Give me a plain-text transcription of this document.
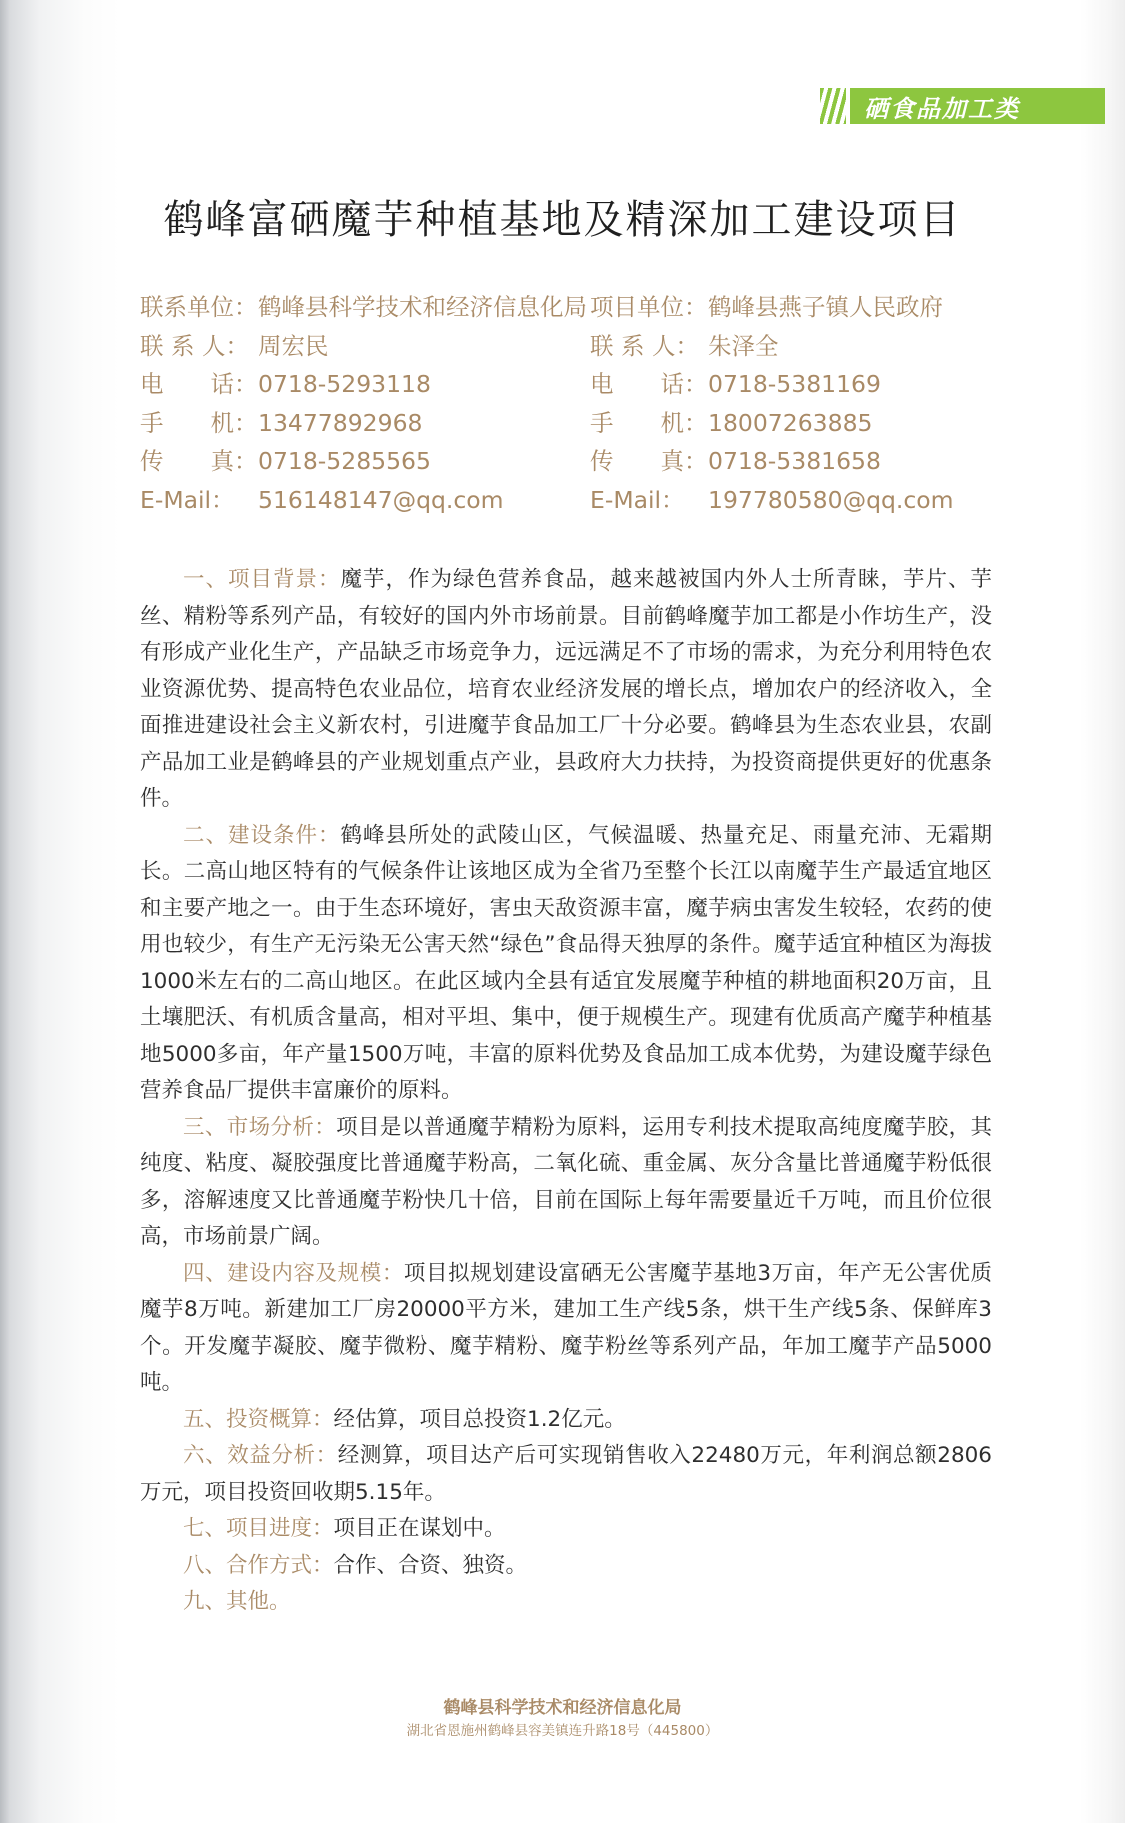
硒食品加工类
鹤峰富硒魔芋种植基地及精深加工建设项目
联系单位：鹤峰县科学技术和经济信息化局
联 系 人： 周宏民
电　　话：0718-5293118
手　　机：13477892968
传　　真：0718-5285565
E-Mail： 516148147@qq.com
项目单位：鹤峰县燕子镇人民政府
联 系 人： 朱泽全
电　　话：0718-5381169
手　　机：18007263885
传　　真：0718-5381658
E-Mail： 197780580@qq.com

一、项目背景：魔芋，作为绿色营养食品，越来越被国内外人士所青睐，芋片、芋丝、精粉等系列产品，有较好的国内外市场前景。目前鹤峰魔芋加工都是小作坊生产，没有形成产业化生产，产品缺乏市场竞争力，远远满足不了市场的需求，为充分利用特色农业资源优势、提高特色农业品位，培育农业经济发展的增长点，增加农户的经济收入，全面推进建设社会主义新农村，引进魔芋食品加工厂十分必要。鹤峰县为生态农业县，农副产品加工业是鹤峰县的产业规划重点产业，县政府大力扶持，为投资商提供更好的优惠条件。

二、建设条件：鹤峰县所处的武陵山区，气候温暖、热量充足、雨量充沛、无霜期长。二高山地区特有的气候条件让该地区成为全省乃至整个长江以南魔芋生产最适宜地区和主要产地之一。由于生态环境好，害虫天敌资源丰富，魔芋病虫害发生较轻，农药的使用也较少，有生产无污染无公害天然“绿色”食品得天独厚的条件。魔芋适宜种植区为海拔1000米左右的二高山地区。在此区域内全县有适宜发展魔芋种植的耕地面积20万亩，且土壤肥沃、有机质含量高，相对平坦、集中，便于规模生产。现建有优质高产魔芋种植基地5000多亩，年产量1500万吨，丰富的原料优势及食品加工成本优势，为建设魔芋绿色营养食品厂提供丰富廉价的原料。

三、市场分析：项目是以普通魔芋精粉为原料，运用专利技术提取高纯度魔芋胶，其纯度、粘度、凝胶强度比普通魔芋粉高，二氧化硫、重金属、灰分含量比普通魔芋粉低很多，溶解速度又比普通魔芋粉快几十倍，目前在国际上每年需要量近千万吨，而且价位很高，市场前景广阔。

四、建设内容及规模：项目拟规划建设富硒无公害魔芋基地3万亩，年产无公害优质魔芋8万吨。新建加工厂房20000平方米，建加工生产线5条，烘干生产线5条、保鲜库3个。开发魔芋凝胶、魔芋微粉、魔芋精粉、魔芋粉丝等系列产品，年加工魔芋产品5000吨。

五、投资概算：经估算，项目总投资1.2亿元。

六、效益分析：经测算，项目达产后可实现销售收入22480万元，年利润总额2806万元，项目投资回收期5.15年。

七、项目进度：项目正在谋划中。

八、合作方式：合作、合资、独资。

九、其他。

鹤峰县科学技术和经济信息化局
湖北省恩施州鹤峰县容美镇连升路18号（445800）
